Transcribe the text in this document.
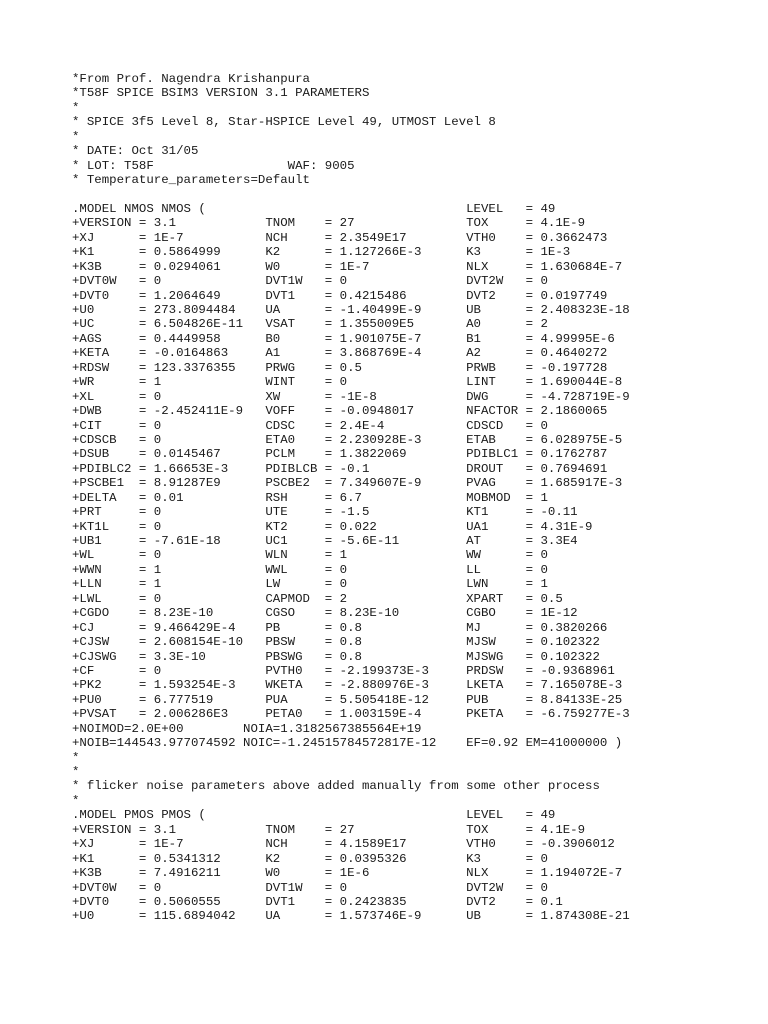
*From Prof. Nagendra Krishanpura
*T58F SPICE BSIM3 VERSION 3.1 PARAMETERS
*
* SPICE 3f5 Level 8, Star-HSPICE Level 49, UTMOST Level 8
*
* DATE: Oct 31/05
* LOT: T58F                  WAF: 9005
* Temperature_parameters=Default
.MODEL NMOS NMOS (                                   LEVEL   = 49
+VERSION = 3.1            TNOM    = 27               TOX     = 4.1E-9
+XJ      = 1E-7           NCH     = 2.3549E17        VTH0    = 0.3662473
+K1      = 0.5864999      K2      = 1.127266E-3      K3      = 1E-3
+K3B     = 0.0294061      W0      = 1E-7             NLX     = 1.630684E-7
+DVT0W   = 0              DVT1W   = 0                DVT2W   = 0
+DVT0    = 1.2064649      DVT1    = 0.4215486        DVT2    = 0.0197749
+U0      = 273.8094484    UA      = -1.40499E-9      UB      = 2.408323E-18
+UC      = 6.504826E-11   VSAT    = 1.355009E5       A0      = 2
+AGS     = 0.4449958      B0      = 1.901075E-7      B1      = 4.99995E-6
+KETA    = -0.0164863     A1      = 3.868769E-4      A2      = 0.4640272
+RDSW    = 123.3376355    PRWG    = 0.5              PRWB    = -0.197728
+WR      = 1              WINT    = 0                LINT    = 1.690044E-8
+XL      = 0              XW      = -1E-8            DWG     = -4.728719E-9
+DWB     = -2.452411E-9   VOFF    = -0.0948017       NFACTOR = 2.1860065
+CIT     = 0              CDSC    = 2.4E-4           CDSCD   = 0
+CDSCB   = 0              ETA0    = 2.230928E-3      ETAB    = 6.028975E-5
+DSUB    = 0.0145467      PCLM    = 1.3822069        PDIBLC1 = 0.1762787
+PDIBLC2 = 1.66653E-3     PDIBLCB = -0.1             DROUT   = 0.7694691
+PSCBE1  = 8.91287E9      PSCBE2  = 7.349607E-9      PVAG    = 1.685917E-3
+DELTA   = 0.01           RSH     = 6.7              MOBMOD  = 1
+PRT     = 0              UTE     = -1.5             KT1     = -0.11
+KT1L    = 0              KT2     = 0.022            UA1     = 4.31E-9
+UB1     = -7.61E-18      UC1     = -5.6E-11         AT      = 3.3E4
+WL      = 0              WLN     = 1                WW      = 0
+WWN     = 1              WWL     = 0                LL      = 0
+LLN     = 1              LW      = 0                LWN     = 1
+LWL     = 0              CAPMOD  = 2                XPART   = 0.5
+CGDO    = 8.23E-10       CGSO    = 8.23E-10         CGBO    = 1E-12
+CJ      = 9.466429E-4    PB      = 0.8              MJ      = 0.3820266
+CJSW    = 2.608154E-10   PBSW    = 0.8              MJSW    = 0.102322
+CJSWG   = 3.3E-10        PBSWG   = 0.8              MJSWG   = 0.102322
+CF      = 0              PVTH0   = -2.199373E-3     PRDSW   = -0.9368961
+PK2     = 1.593254E-3    WKETA   = -2.880976E-3     LKETA   = 7.165078E-3
+PU0     = 6.777519       PUA     = 5.505418E-12     PUB     = 8.84133E-25
+PVSAT   = 2.006286E3     PETA0   = 1.003159E-4      PKETA   = -6.759277E-3
+NOIMOD=2.0E+00        NOIA=1.3182567385564E+19
+NOIB=144543.977074592 NOIC=-1.24515784572817E-12    EF=0.92 EM=41000000 )
*
*
* flicker noise parameters above added manually from some other process
*
.MODEL PMOS PMOS (                                   LEVEL   = 49
+VERSION = 3.1            TNOM    = 27               TOX     = 4.1E-9
+XJ      = 1E-7           NCH     = 4.1589E17        VTH0    = -0.3906012
+K1      = 0.5341312      K2      = 0.0395326        K3      = 0
+K3B     = 7.4916211      W0      = 1E-6             NLX     = 1.194072E-7
+DVT0W   = 0              DVT1W   = 0                DVT2W   = 0
+DVT0    = 0.5060555      DVT1    = 0.2423835        DVT2    = 0.1
+U0      = 115.6894042    UA      = 1.573746E-9      UB      = 1.874308E-21
